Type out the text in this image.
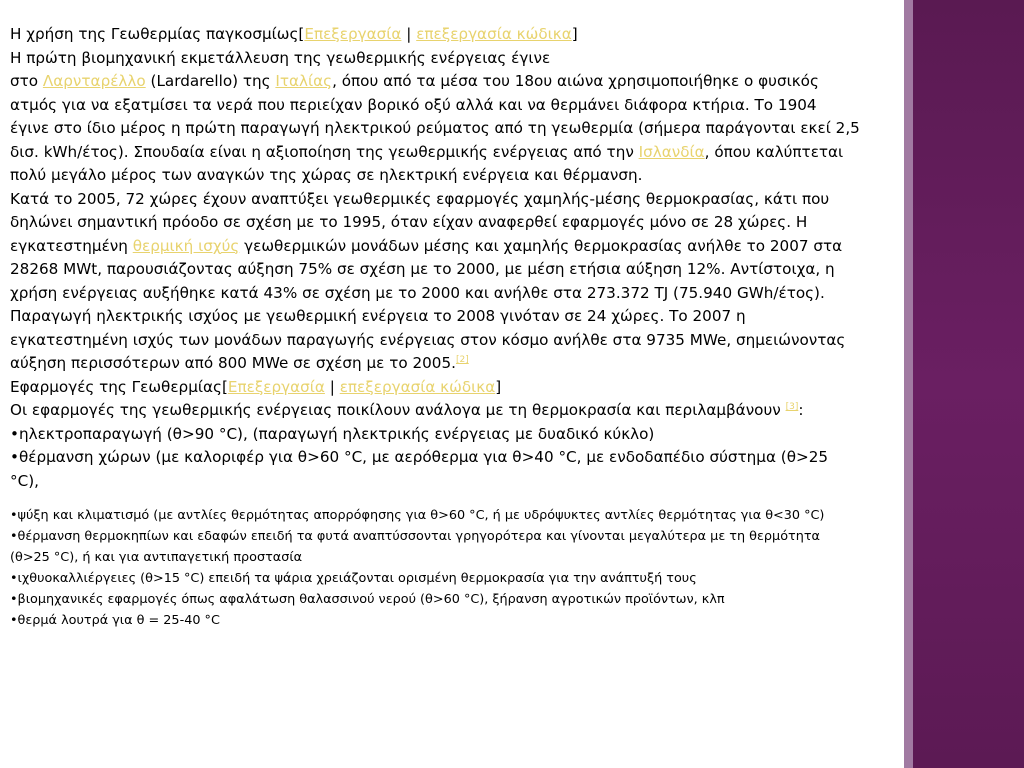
Η χρήση της Γεωθερμίας παγκοσμίως[Επεξεργασία | επεξεργασία κώδικα]

Η πρώτη βιομηχανική εκμετάλλευση της γεωθερμικής ενέργειας έγινε
στο Λαρνταρέλλο (Lardarello) της Ιταλίας, όπου από τα μέσα του 18ου αιώνα χρησιμοποιήθηκε ο φυσικός ατμός για να εξατμίσει τα νερά που περιείχαν βορικό οξύ αλλά και να θερμάνει διάφορα κτήρια. Το 1904 έγινε στο ίδιο μέρος η πρώτη παραγωγή ηλεκτρικού ρεύματος από τη γεωθερμία (σήμερα παράγονται εκεί 2,5 δισ. kWh/έτος). Σπουδαία είναι η αξιοποίηση της γεωθερμικής ενέργειας από την Ισλανδία, όπου καλύπτεται πολύ μεγάλο μέρος των αναγκών της χώρας σε ηλεκτρική ενέργεια και θέρμανση.

Κατά το 2005, 72 χώρες έχουν αναπτύξει γεωθερμικές εφαρμογές χαμηλής-μέσης θερμοκρασίας, κάτι που δηλώνει σημαντική πρόοδο σε σχέση με το 1995, όταν είχαν αναφερθεί εφαρμογές μόνο σε 28 χώρες. Η εγκατεστημένη θερμική ισχύς γεωθερμικών μονάδων μέσης και χαμηλής θερμοκρασίας ανήλθε το 2007 στα 28268 MWt, παρουσιάζοντας αύξηση 75% σε σχέση με το 2000, με μέση ετήσια αύξηση 12%. Αντίστοιχα, η χρήση ενέργειας αυξήθηκε κατά 43% σε σχέση με το 2000 και ανήλθε στα 273.372 TJ (75.940 GWh/έτος).

Παραγωγή ηλεκτρικής ισχύος με γεωθερμική ενέργεια το 2008 γινόταν σε 24 χώρες. Το 2007 η εγκατεστημένη ισχύς των μονάδων παραγωγής ενέργειας στον κόσμο ανήλθε στα 9735 MWe, σημειώνοντας αύξηση περισσότερων από 800 MWe σε σχέση με το 2005.[2]

Εφαρμογές της Γεωθερμίας[Επεξεργασία | επεξεργασία κώδικα]

Οι εφαρμογές της γεωθερμικής ενέργειας ποικίλουν ανάλογα με τη θερμοκρασία και περιλαμβάνουν [3]:

•ηλεκτροπαραγωγή (θ>90 °C), (παραγωγή ηλεκτρικής ενέργειας με δυαδικό κύκλο)

•θέρμανση χώρων (με καλοριφέρ για θ>60 °C, με αερόθερμα για θ>40 °C, με ενδοδαπέδιο σύστημα (θ>25 °C),

•ψύξη και κλιματισμό (με αντλίες θερμότητας απορρόφησης για θ>60 °C, ή με υδρόψυκτες αντλίες θερμότητας για θ<30 °C)

•θέρμανση θερμοκηπίων και εδαφών επειδή τα φυτά αναπτύσσονται γρηγορότερα και γίνονται μεγαλύτερα με τη θερμότητα (θ>25 °C), ή και για αντιπαγετική προστασία

•ιχθυοκαλλιέργειες (θ>15 °C) επειδή τα ψάρια χρειάζονται ορισμένη θερμοκρασία για την ανάπτυξή τους

•βιομηχανικές εφαρμογές όπως αφαλάτωση θαλασσινού νερού (θ>60 °C), ξήρανση αγροτικών προϊόντων, κλπ

•θερμά λουτρά για θ = 25-40 °C
